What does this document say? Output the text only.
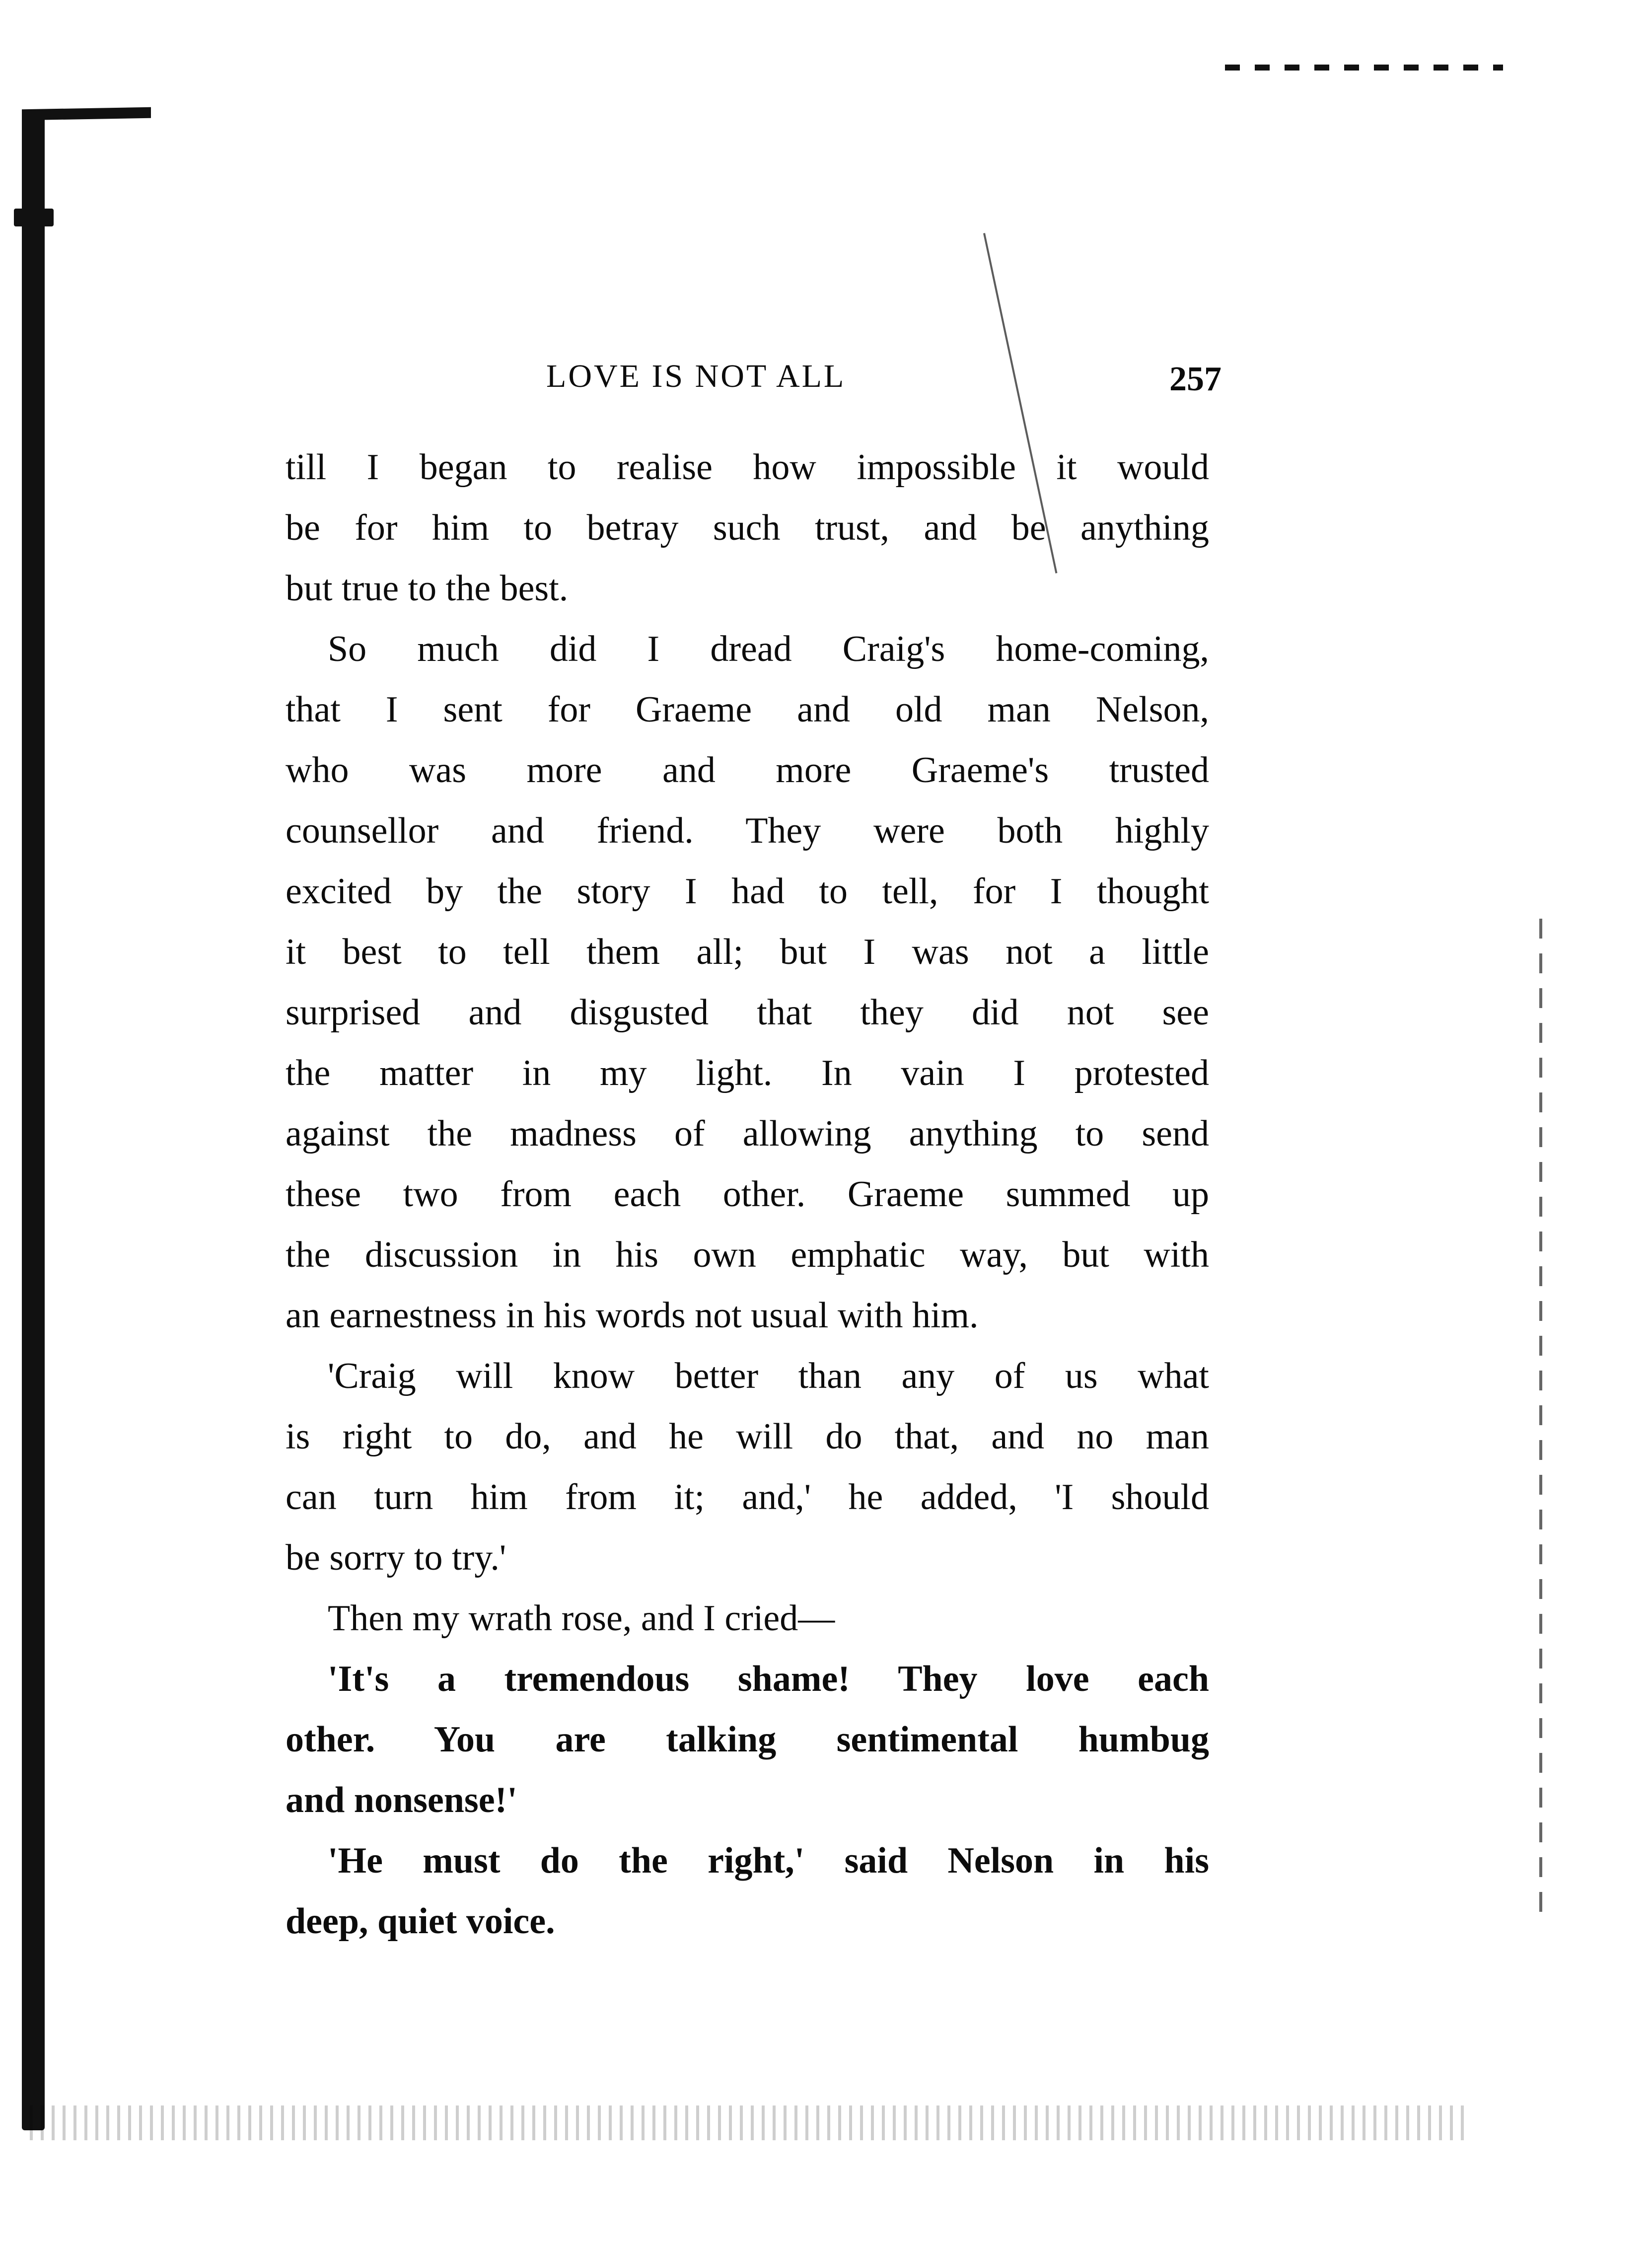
LOVE IS NOT ALL	257
till I began to realise how impossible it would
be for him to betray such trust, and be anything
but true to the best.
So much did I dread Craig's home-coming,
that I sent for Graeme and old man Nelson,
who was more and more Graeme's trusted
counsellor and friend. They were both highly
excited by the story I had to tell, for I thought
it best to tell them all; but I was not a little
surprised and disgusted that they did not see
the matter in my light. In vain I protested
against the madness of allowing anything to send
these two from each other. Graeme summed up
the discussion in his own emphatic way, but with
an earnestness in his words not usual with him.
'Craig will know better than any of us what
is right to do, and he will do that, and no man
can turn him from it; and,' he added, 'I should
be sorry to try.'
Then my wrath rose, and I cried—
'It's a tremendous shame! They love each
other. You are talking sentimental humbug
and nonsense!'
'He must do the right,' said Nelson in his
deep, quiet voice.
